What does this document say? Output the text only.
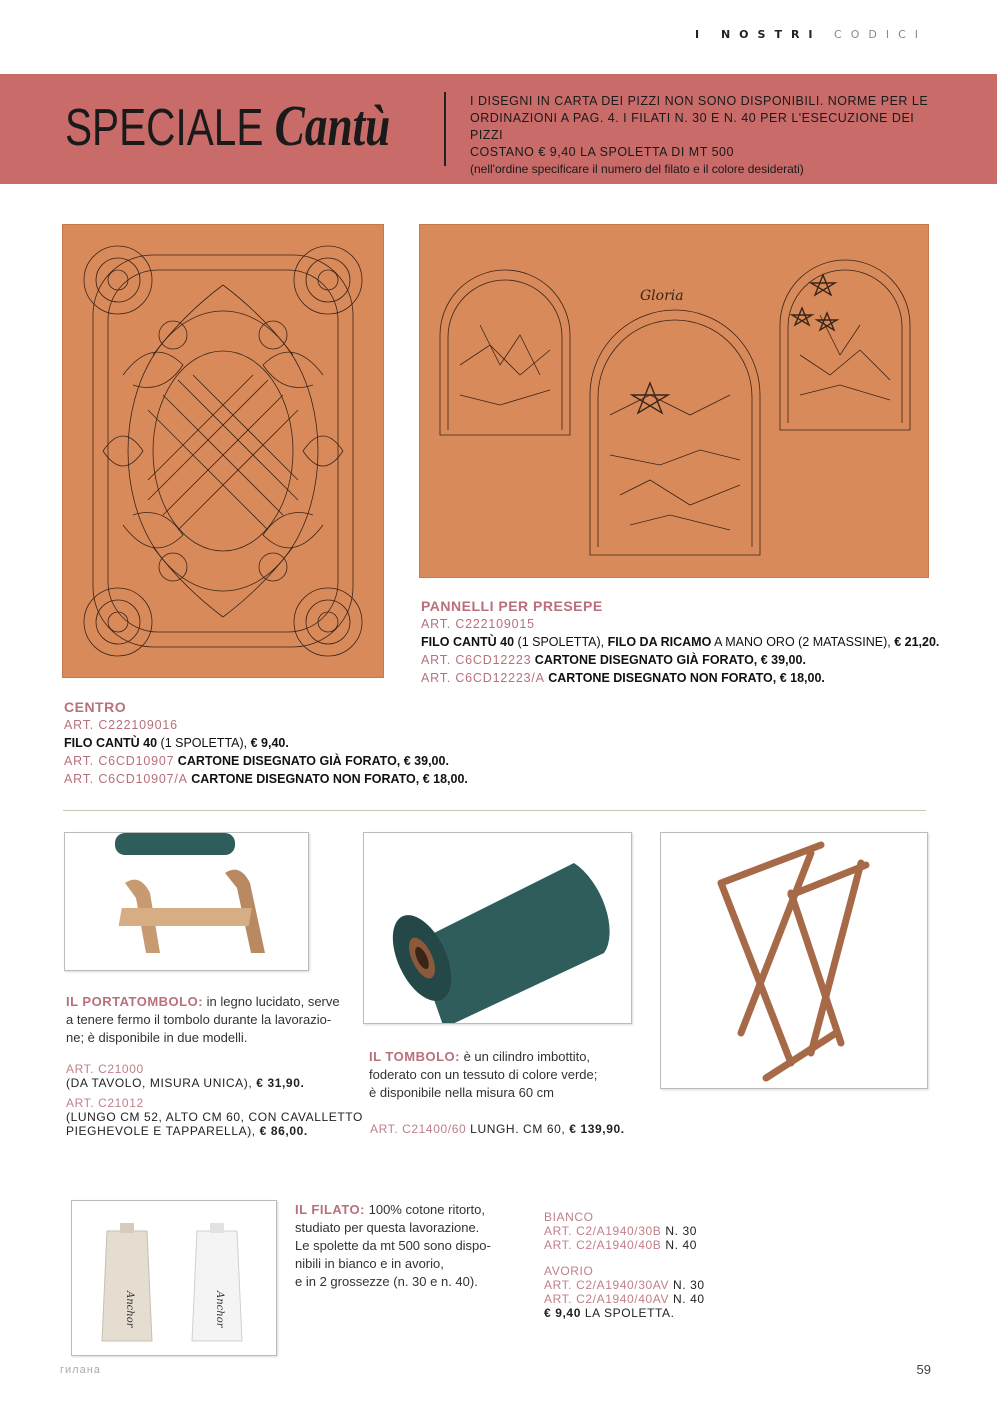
I NOSTRI CODICI
SPECIALE Cantù	I DISEGNI IN CARTA DEI PIZZI NON SONO DISPONIBILI. NORME PER LE
ORDINAZIONI A PAG. 4. I FILATI N. 30 E N. 40 PER L'ESECUZIONE DEI PIZZI
COSTANO € 9,40 LA SPOLETTA DI MT 500
(nell'ordine specificare il numero del filato e il colore desiderati)
Gloria
PANNELLI PER PRESEPE
ART. C222109015
FILO CANTÙ 40 (1 SPOLETTA), FILO DA RICAMO A MANO ORO (2 MATASSINE), € 21,20.
ART. C6CD12223 CARTONE DISEGNATO GIÀ FORATO, € 39,00.
ART. C6CD12223/A CARTONE DISEGNATO NON FORATO, € 18,00.
CENTRO
ART. C222109016
FILO CANTÙ 40 (1 SPOLETTA), € 9,40.
ART. C6CD10907 CARTONE DISEGNATO GIÀ FORATO, € 39,00.
ART. C6CD10907/A CARTONE DISEGNATO NON FORATO, € 18,00.
IL PORTATOMBOLO: in legno lucidato, serve
a tenere fermo il tombolo durante la lavorazio-
ne; è disponibile in due modelli.
ART. C21000
(DA TAVOLO, MISURA UNICA), € 31,90.
ART. C21012
(LUNGO CM 52, ALTO CM 60, CON CAVALLETTO
PIEGHEVOLE E TAPPARELLA), € 86,00.
IL TOMBOLO: è un cilindro imbottito,
foderato con un tessuto di colore verde;
è disponibile nella misura 60 cm
ART. C21400/60 LUNGH. CM 60, € 139,90.
Anchor	Anchor
IL FILATO: 100% cotone ritorto,
studiato per questa lavorazione.
Le spolette da mt 500 sono dispo-
nibili in bianco e in avorio,
e in 2 grossezze (n. 30 e n. 40).
BIANCO
ART. C2/A1940/30B N. 30
ART. C2/A1940/40B N. 40
AVORIO
ART. C2/A1940/30AV N. 30
ART. C2/A1940/40AV N. 40
€ 9,40 LA SPOLETTA.
гилана	59
